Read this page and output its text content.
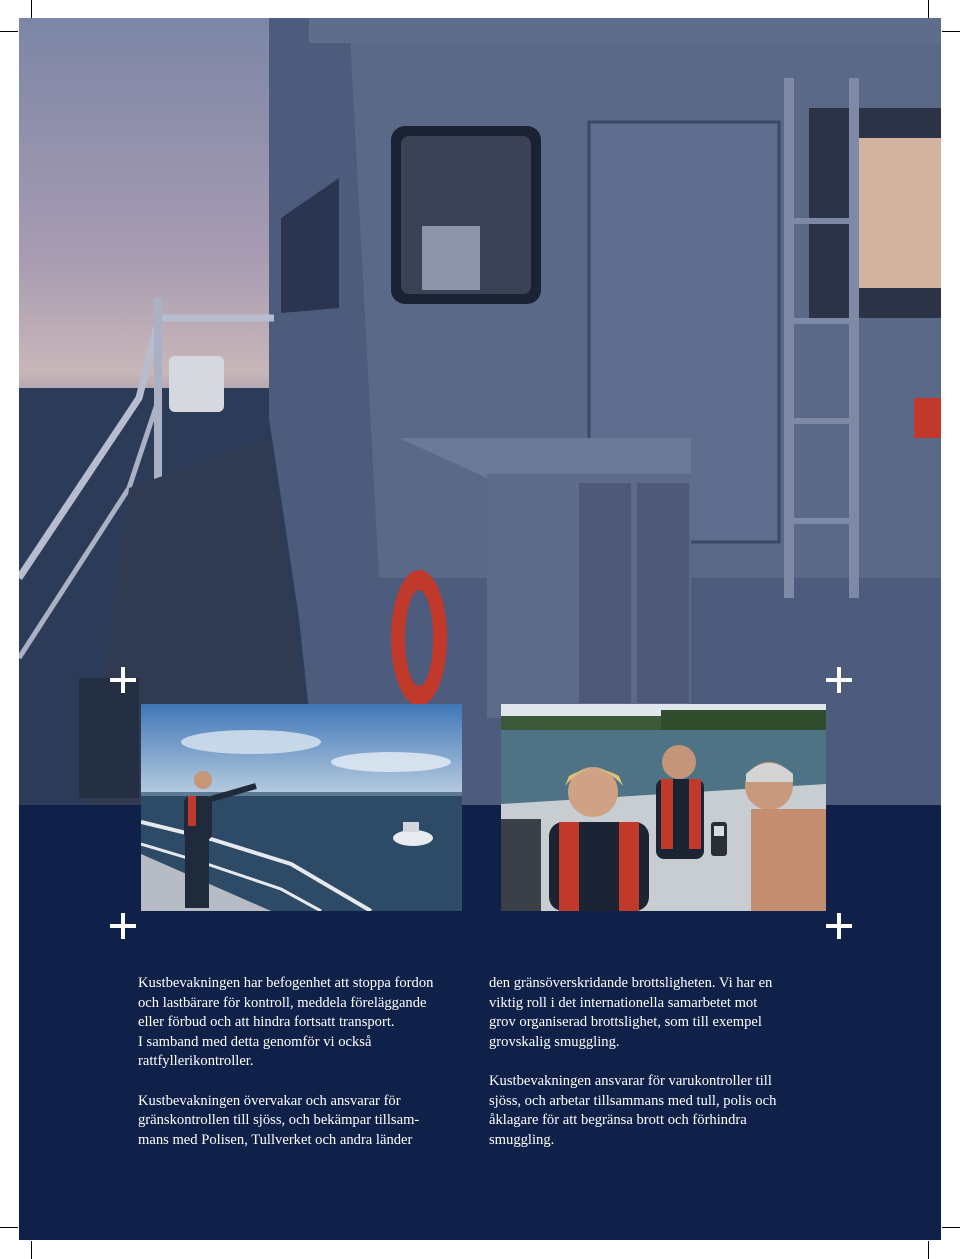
Kustbevakningen har befogenhet att stoppa fordon
och lastbärare för kontroll, meddela föreläggande
eller förbud och att hindra fortsatt transport.
I samband med detta genomför vi också
rattfyllerikontroller.

Kustbevakningen övervakar och ansvarar för
gränskontrollen till sjöss, och bekämpar tillsam-
mans med Polisen, Tullverket och andra länder

den gränsöverskridande brottsligheten. Vi har en
viktig roll i det internationella samarbetet mot
grov organiserad brottslighet, som till exempel
grovskalig smuggling.

Kustbevakningen ansvarar för varukontroller till
sjöss, och arbetar tillsammans med tull, polis och
åklagare för att begränsa brott och förhindra
smuggling.
